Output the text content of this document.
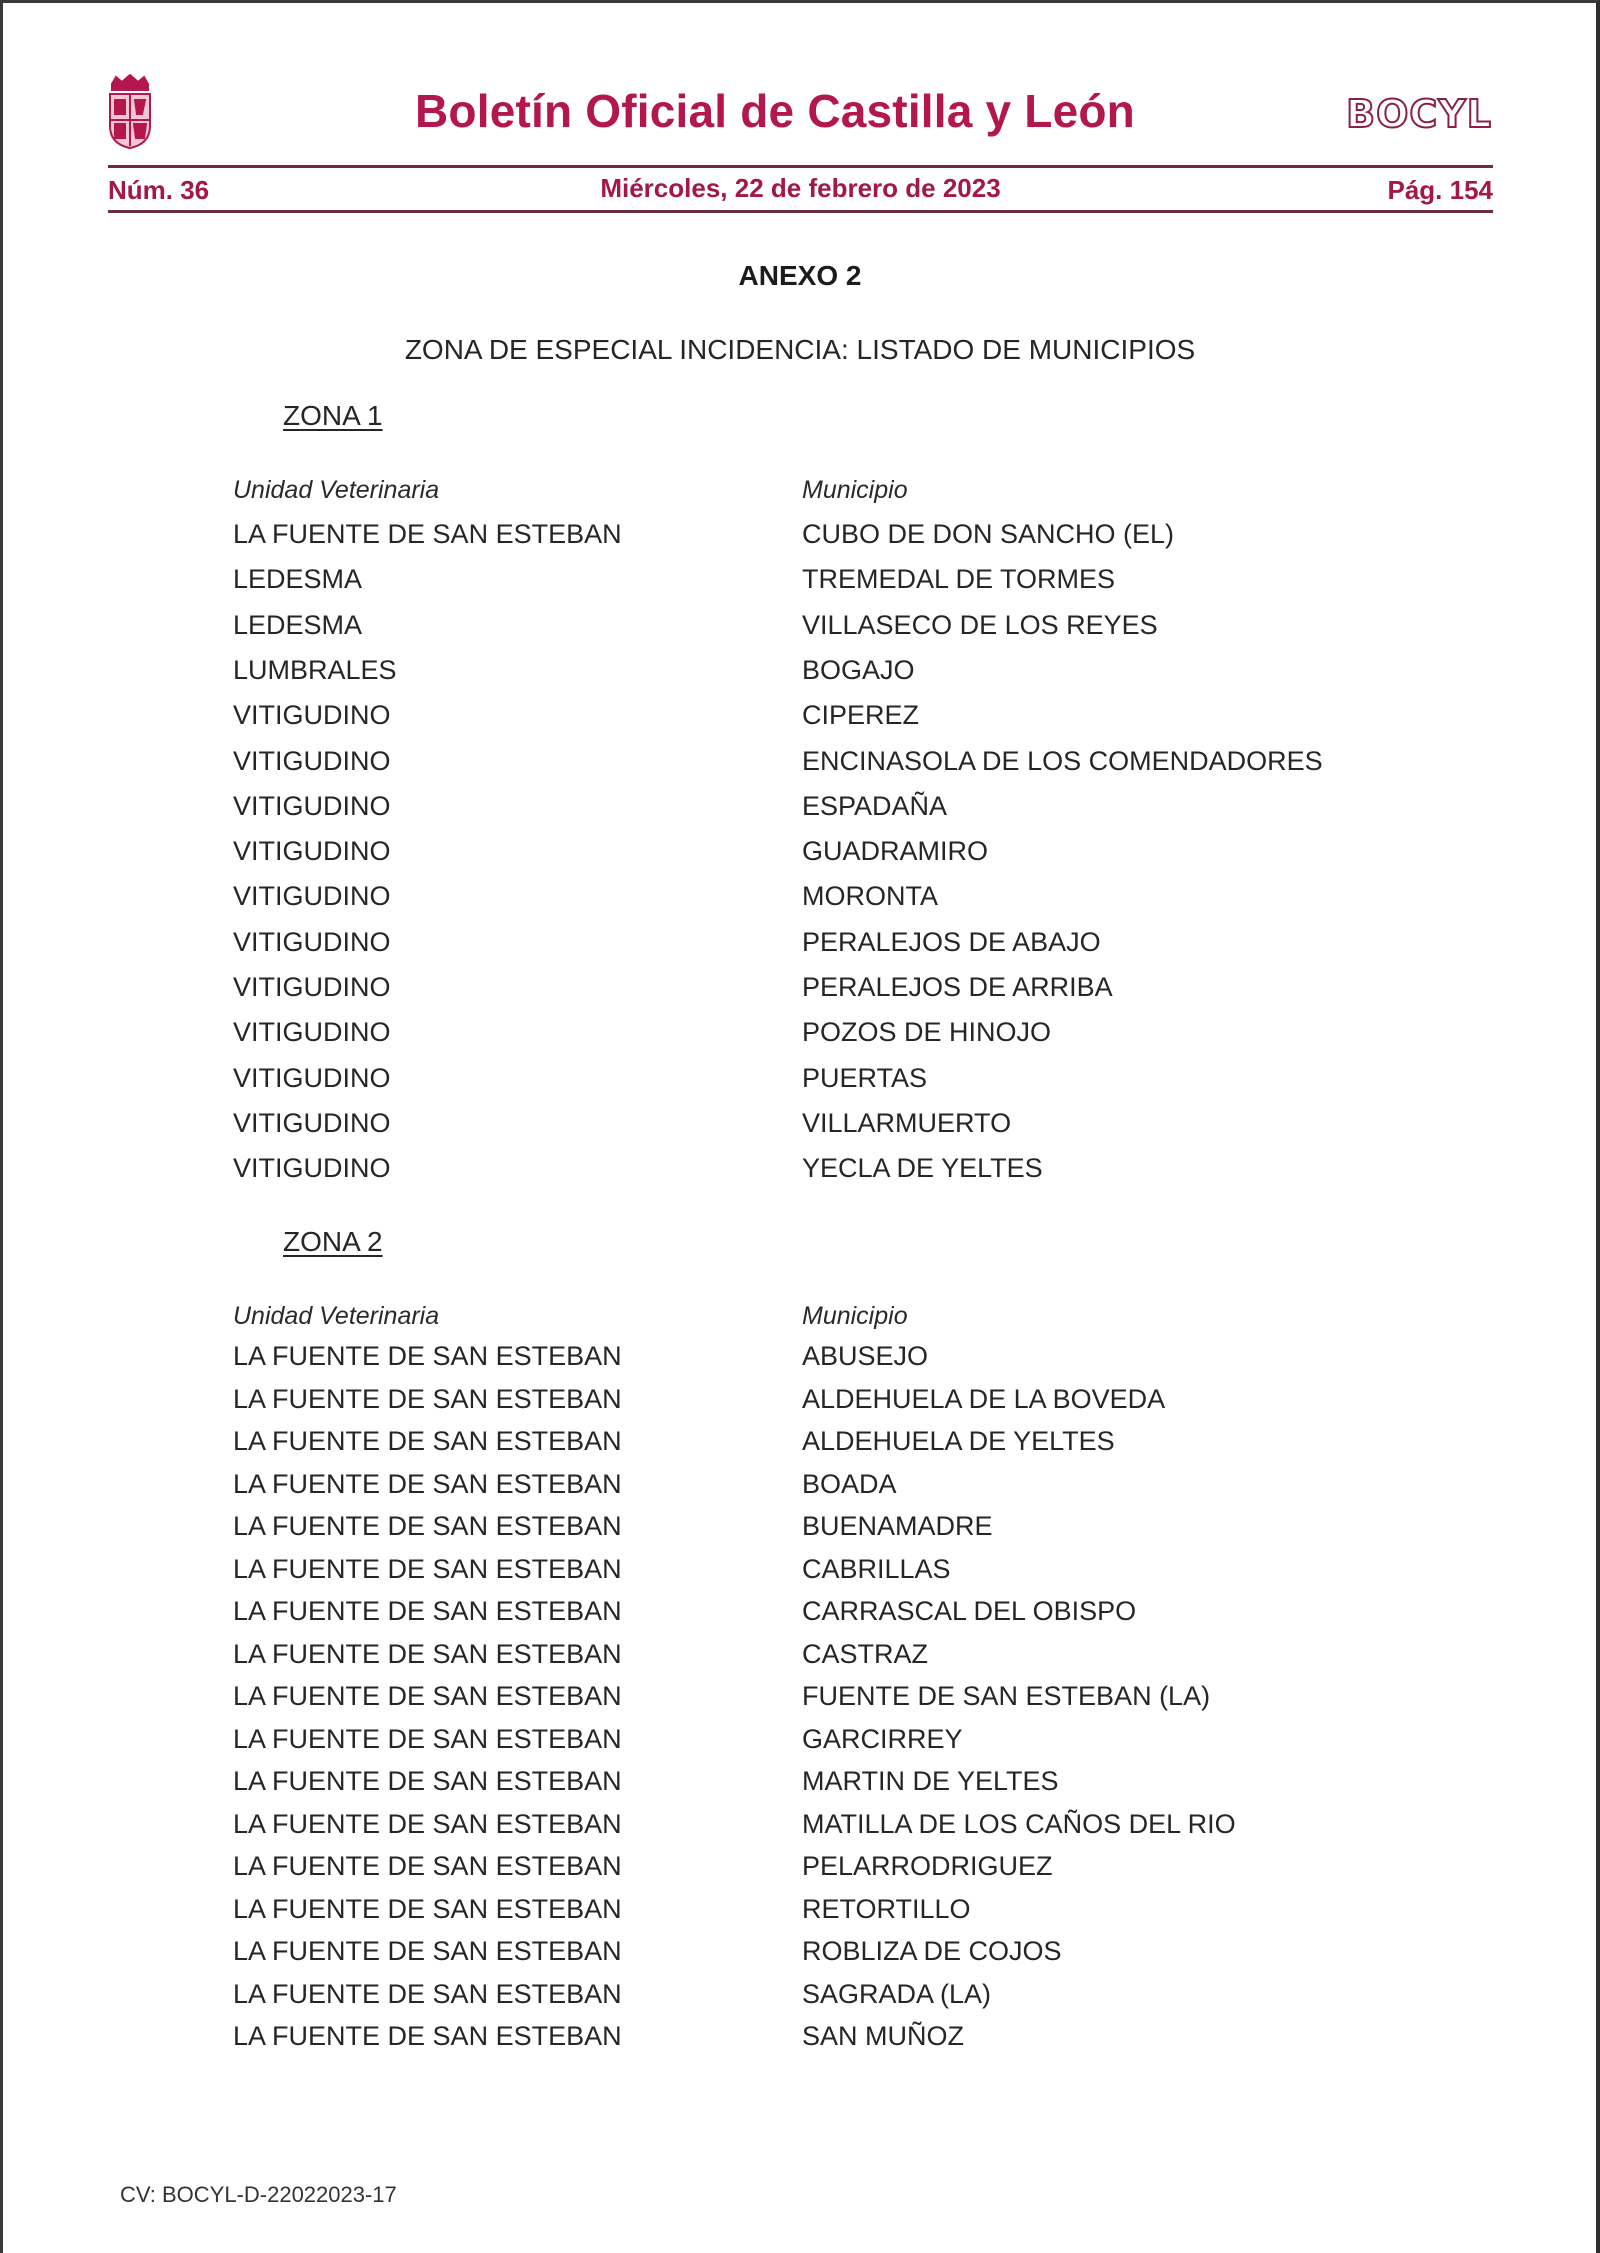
Boletín Oficial de Castilla y León	BOCYL
Núm. 36	Miércoles, 22 de febrero de 2023	Pág. 154
ANEXO 2
ZONA DE ESPECIAL INCIDENCIA: LISTADO DE MUNICIPIOS
ZONA 1
Unidad Veterinaria	Municipio
LA FUENTE DE SAN ESTEBAN	CUBO DE DON SANCHO (EL)
LEDESMA	TREMEDAL DE TORMES
LEDESMA	VILLASECO DE LOS REYES
LUMBRALES	BOGAJO
VITIGUDINO	CIPEREZ
VITIGUDINO	ENCINASOLA DE LOS COMENDADORES
VITIGUDINO	ESPADAÑA
VITIGUDINO	GUADRAMIRO
VITIGUDINO	MORONTA
VITIGUDINO	PERALEJOS DE ABAJO
VITIGUDINO	PERALEJOS DE ARRIBA
VITIGUDINO	POZOS DE HINOJO
VITIGUDINO	PUERTAS
VITIGUDINO	VILLARMUERTO
VITIGUDINO	YECLA DE YELTES
ZONA 2
Unidad Veterinaria	Municipio
LA FUENTE DE SAN ESTEBAN	ABUSEJO
LA FUENTE DE SAN ESTEBAN	ALDEHUELA DE LA BOVEDA
LA FUENTE DE SAN ESTEBAN	ALDEHUELA DE YELTES
LA FUENTE DE SAN ESTEBAN	BOADA
LA FUENTE DE SAN ESTEBAN	BUENAMADRE
LA FUENTE DE SAN ESTEBAN	CABRILLAS
LA FUENTE DE SAN ESTEBAN	CARRASCAL DEL OBISPO
LA FUENTE DE SAN ESTEBAN	CASTRAZ
LA FUENTE DE SAN ESTEBAN	FUENTE DE SAN ESTEBAN (LA)
LA FUENTE DE SAN ESTEBAN	GARCIRREY
LA FUENTE DE SAN ESTEBAN	MARTIN DE YELTES
LA FUENTE DE SAN ESTEBAN	MATILLA DE LOS CAÑOS DEL RIO
LA FUENTE DE SAN ESTEBAN	PELARRODRIGUEZ
LA FUENTE DE SAN ESTEBAN	RETORTILLO
LA FUENTE DE SAN ESTEBAN	ROBLIZA DE COJOS
LA FUENTE DE SAN ESTEBAN	SAGRADA (LA)
LA FUENTE DE SAN ESTEBAN	SAN MUÑOZ
CV: BOCYL-D-22022023-17
